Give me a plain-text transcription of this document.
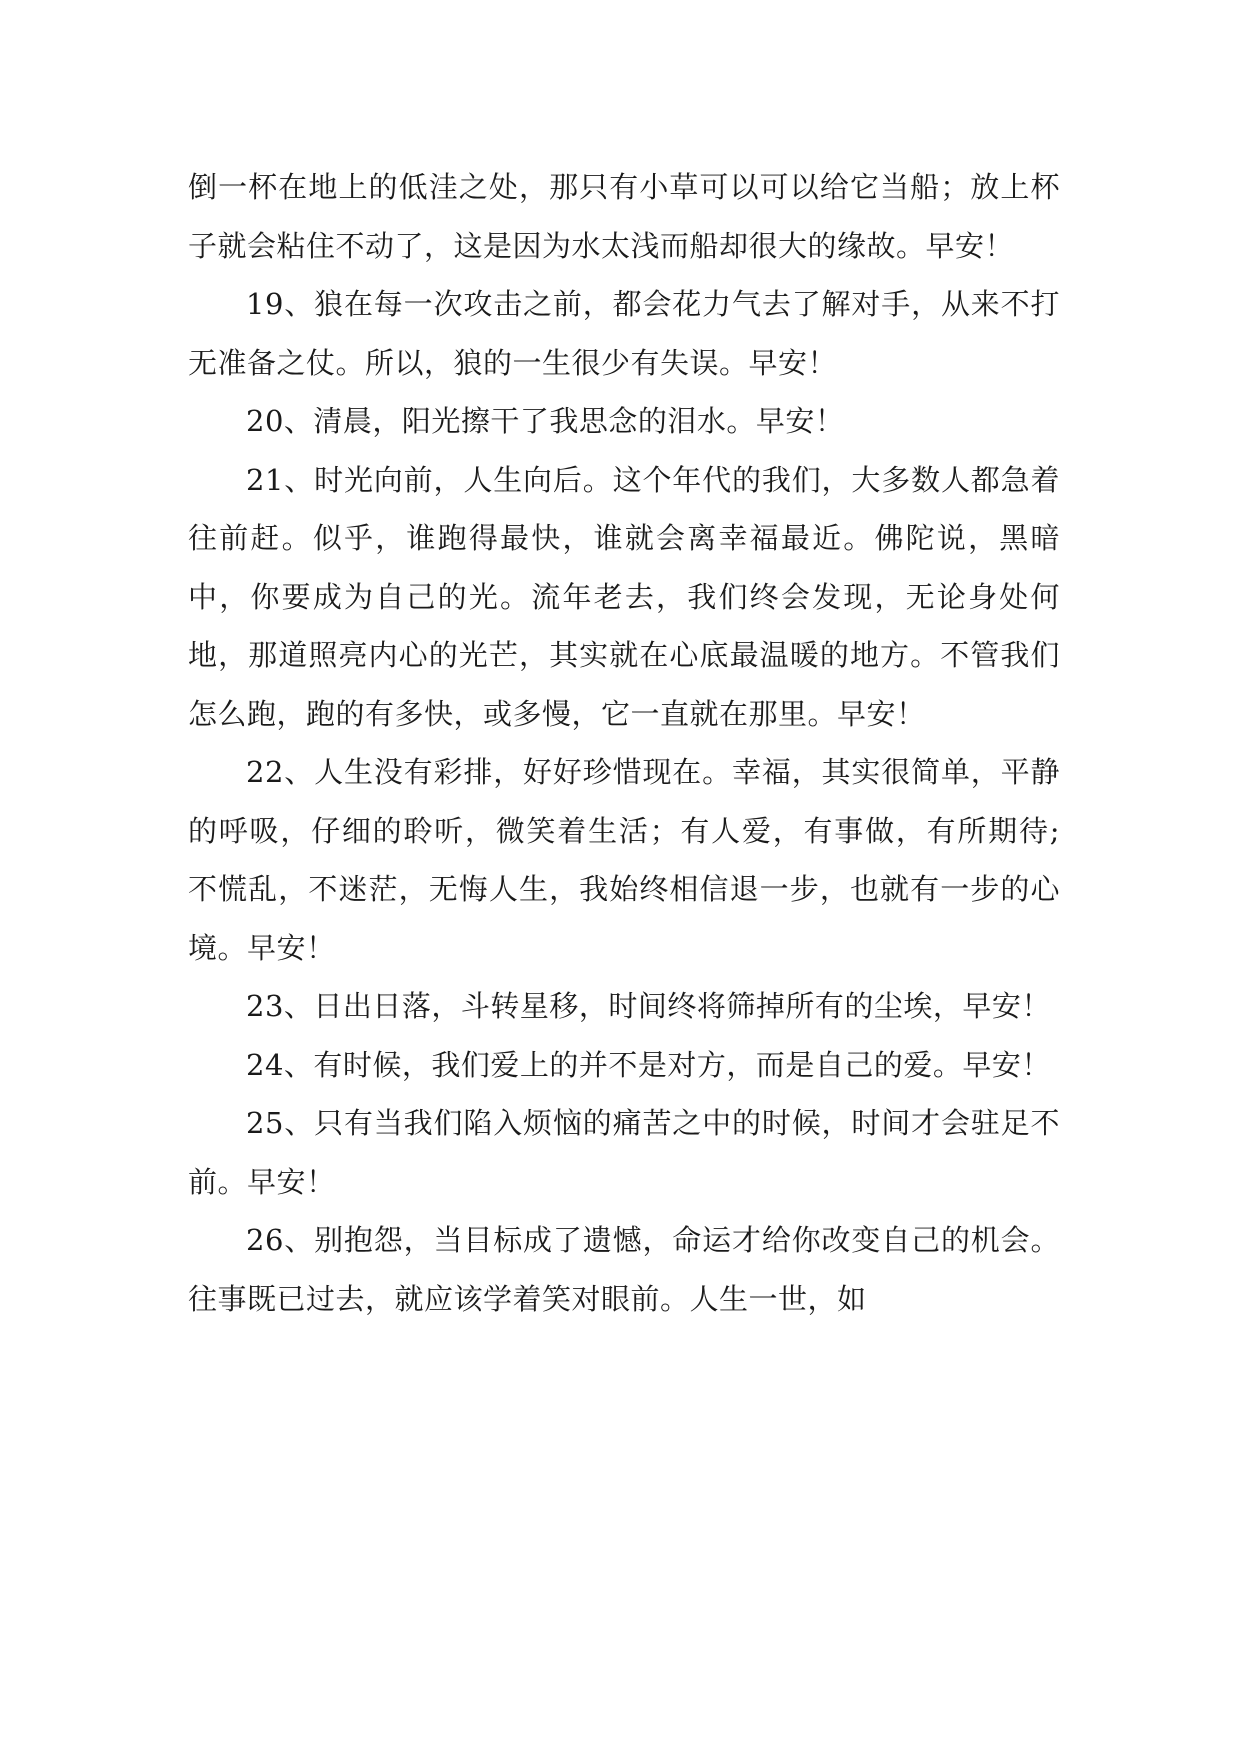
倒一杯在地上的低洼之处，那只有小草可以可以给它当船；放上杯子就会粘住不动了，这是因为水太浅而船却很大的缘故。早安！

19、狼在每一次攻击之前，都会花力气去了解对手，从来不打无准备之仗。所以，狼的一生很少有失误。早安！

20、清晨，阳光擦干了我思念的泪水。早安！

21、时光向前，人生向后。这个年代的我们，大多数人都急着往前赶。似乎，谁跑得最快，谁就会离幸福最近。佛陀说，黑暗中，你要成为自己的光。流年老去，我们终会发现，无论身处何地，那道照亮内心的光芒，其实就在心底最温暖的地方。不管我们怎么跑，跑的有多快，或多慢，它一直就在那里。早安！

22、人生没有彩排，好好珍惜现在。幸福，其实很简单，平静的呼吸，仔细的聆听，微笑着生活；有人爱，有事做，有所期待; 不慌乱，不迷茫，无悔人生，我始终相信退一步，也就有一步的心境。早安！

23、日出日落，斗转星移，时间终将筛掉所有的尘埃，早安！

24、有时候，我们爱上的并不是对方，而是自己的爱。早安！

25、只有当我们陷入烦恼的痛苦之中的时候，时间才会驻足不前。早安！

26、别抱怨，当目标成了遗憾，命运才给你改变自己的机会。往事既已过去，就应该学着笑对眼前。人生一世，如
